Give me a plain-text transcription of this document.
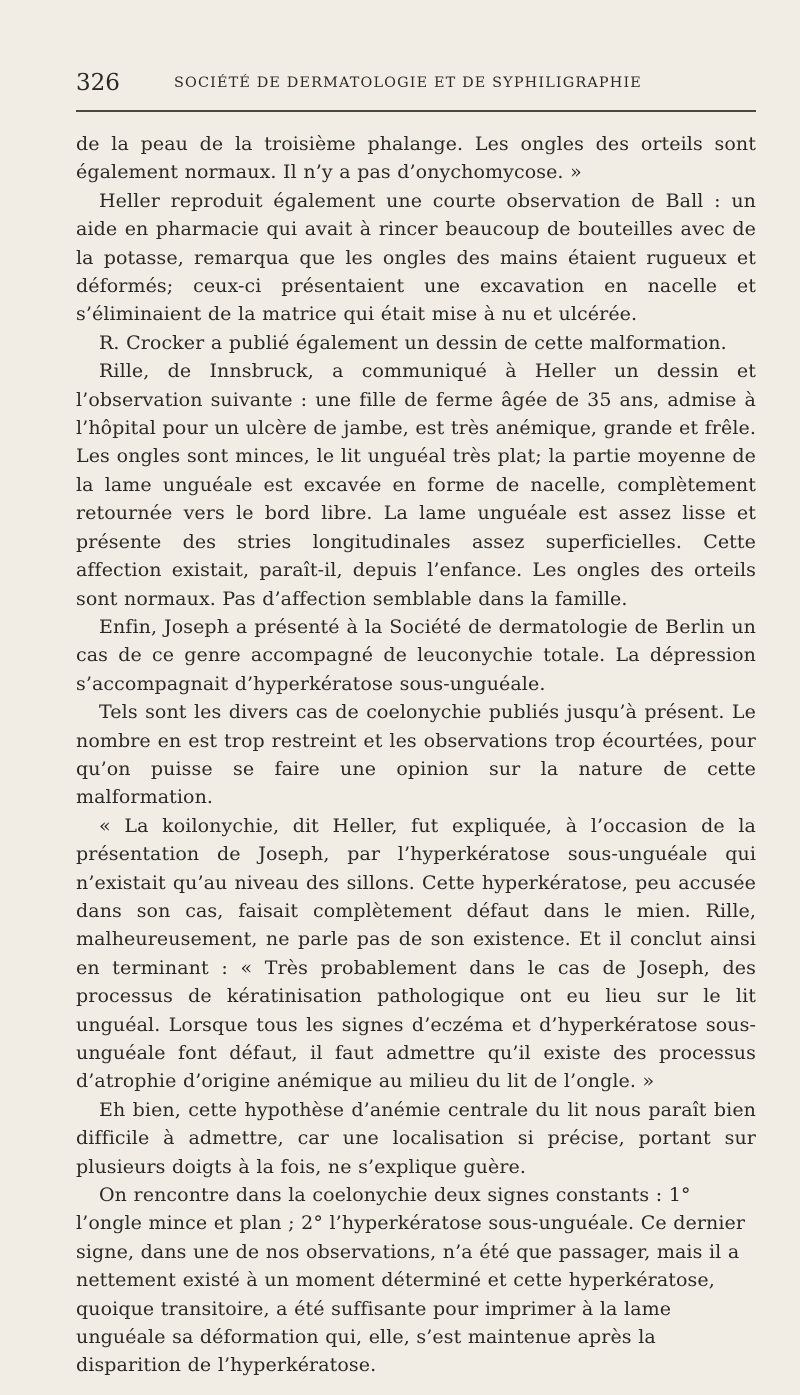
326	SOCIÉTÉ DE DERMATOLOGIE ET DE SYPHILIGRAPHIE

de la peau de la troisième phalange. Les ongles des orteils sont également normaux. Il n’y a pas d’onychomycose. »

Heller reproduit également une courte observation de Ball : un aide en pharmacie qui avait à rincer beaucoup de bouteilles avec de la potasse, remarqua que les ongles des mains étaient rugueux et déformés; ceux-ci présentaient une excavation en nacelle et s’éliminaient de la matrice qui était mise à nu et ulcérée.

R. Crocker a publié également un dessin de cette malformation.

Rille, de Innsbruck, a communiqué à Heller un dessin et l’observation suivante : une fille de ferme âgée de 35 ans, admise à l’hôpital pour un ulcère de jambe, est très anémique, grande et frêle. Les ongles sont minces, le lit unguéal très plat; la partie moyenne de la lame unguéale est excavée en forme de nacelle, complètement retournée vers le bord libre. La lame unguéale est assez lisse et présente des stries longitudinales assez superficielles. Cette affection existait, paraît-il, depuis l’enfance. Les ongles des orteils sont normaux. Pas d’affection semblable dans la famille.

Enfin, Joseph a présenté à la Société de dermatologie de Berlin un cas de ce genre accompagné de leuconychie totale. La dépression s’accompagnait d’hyperkératose sous-unguéale.

Tels sont les divers cas de coelonychie publiés jusqu’à présent. Le nombre en est trop restreint et les observations trop écourtées, pour qu’on puisse se faire une opinion sur la nature de cette malformation.

« La koilonychie, dit Heller, fut expliquée, à l’occasion de la présentation de Joseph, par l’hyperkératose sous-unguéale qui n’existait qu’au niveau des sillons. Cette hyperkératose, peu accusée dans son cas, faisait complètement défaut dans le mien. Rille, malheureusement, ne parle pas de son existence. Et il conclut ainsi en terminant : « Très probablement dans le cas de Joseph, des processus de kératinisation pathologique ont eu lieu sur le lit unguéal. Lorsque tous les signes d’eczéma et d’hyperkératose sous-unguéale font défaut, il faut admettre qu’il existe des processus d’atrophie d’origine anémique au milieu du lit de l’ongle. »

Eh bien, cette hypothèse d’anémie centrale du lit nous paraît bien difficile à admettre, car une localisation si précise, portant sur plusieurs doigts à la fois, ne s’explique guère.

On rencontre dans la coelonychie deux signes constants : 1° l’ongle mince et plan ; 2° l’hyperkératose sous-unguéale. Ce dernier signe, dans une de nos observations, n’a été que passager, mais il a nettement existé à un moment déterminé et cette hyperkératose, quoique transitoire, a été suffisante pour imprimer à la lame unguéale sa déformation qui, elle, s’est maintenue après la disparition de l’hyperkératose.
